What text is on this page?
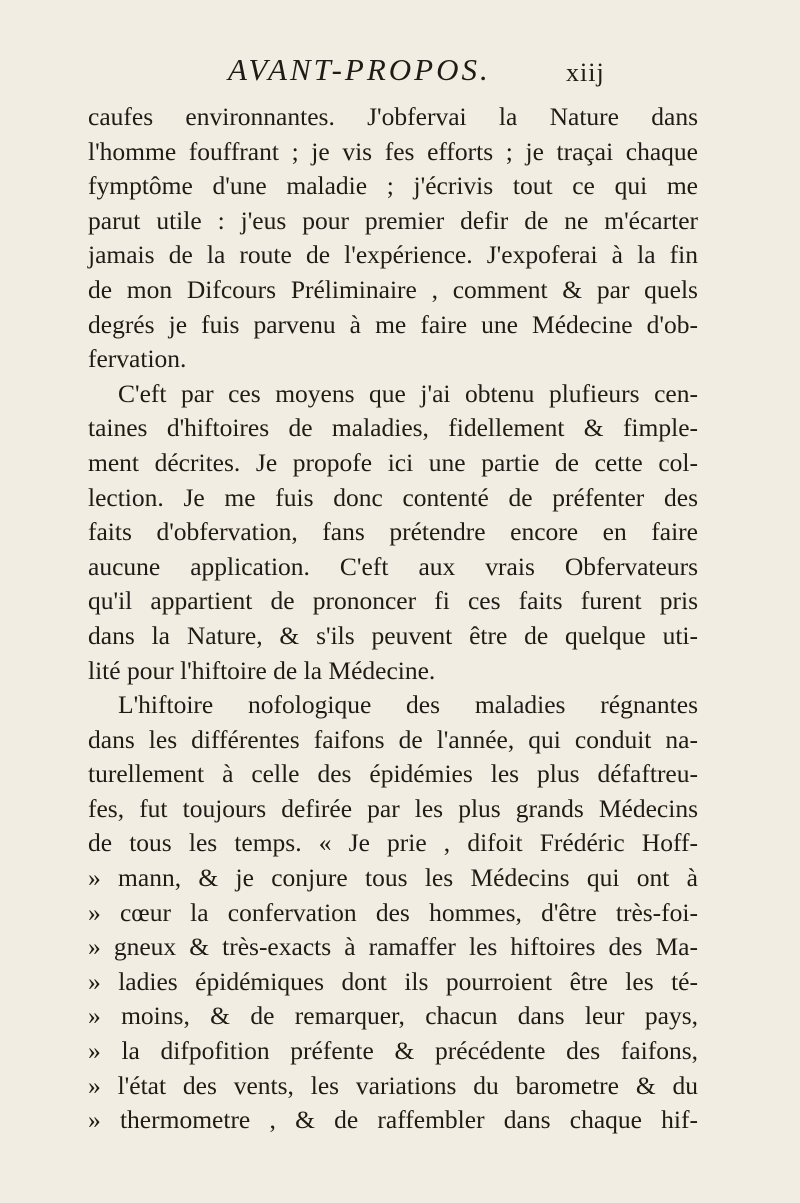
AVANT-PROPOS.	xiij
caufes environnantes. J'obfervai la Nature dans
l'homme fouffrant ; je vis fes efforts ; je traçai chaque
fymptôme d'une maladie ; j'écrivis tout ce qui me
parut utile : j'eus pour premier defir de ne m'écarter
jamais de la route de l'expérience. J'expoferai à la fin
de mon Difcours Préliminaire , comment & par quels
degrés je fuis parvenu à me faire une Médecine d'ob-
fervation.
C'eft par ces moyens que j'ai obtenu plufieurs cen-
taines d'hiftoires de maladies, fidellement & fimple-
ment décrites. Je propofe ici une partie de cette col-
lection. Je me fuis donc contenté de préfenter des
faits d'obfervation, fans prétendre encore en faire
aucune application. C'eft aux vrais Obfervateurs
qu'il appartient de prononcer fi ces faits furent pris
dans la Nature, & s'ils peuvent être de quelque uti-
lité pour l'hiftoire de la Médecine.
L'hiftoire nofologique des maladies régnantes
dans les différentes faifons de l'année, qui conduit na-
turellement à celle des épidémies les plus défaftreu-
fes, fut toujours defirée par les plus grands Médecins
de tous les temps. « Je prie , difoit Frédéric Hoff-
» mann, & je conjure tous les Médecins qui ont à
» cœur la confervation des hommes, d'être très-foi-
» gneux & très-exacts à ramaffer les hiftoires des Ma-
» ladies épidémiques dont ils pourroient être les té-
» moins, & de remarquer, chacun dans leur pays,
» la difpofition préfente & précédente des faifons,
» l'état des vents, les variations du barometre & du
» thermometre , & de raffembler dans chaque hif-
